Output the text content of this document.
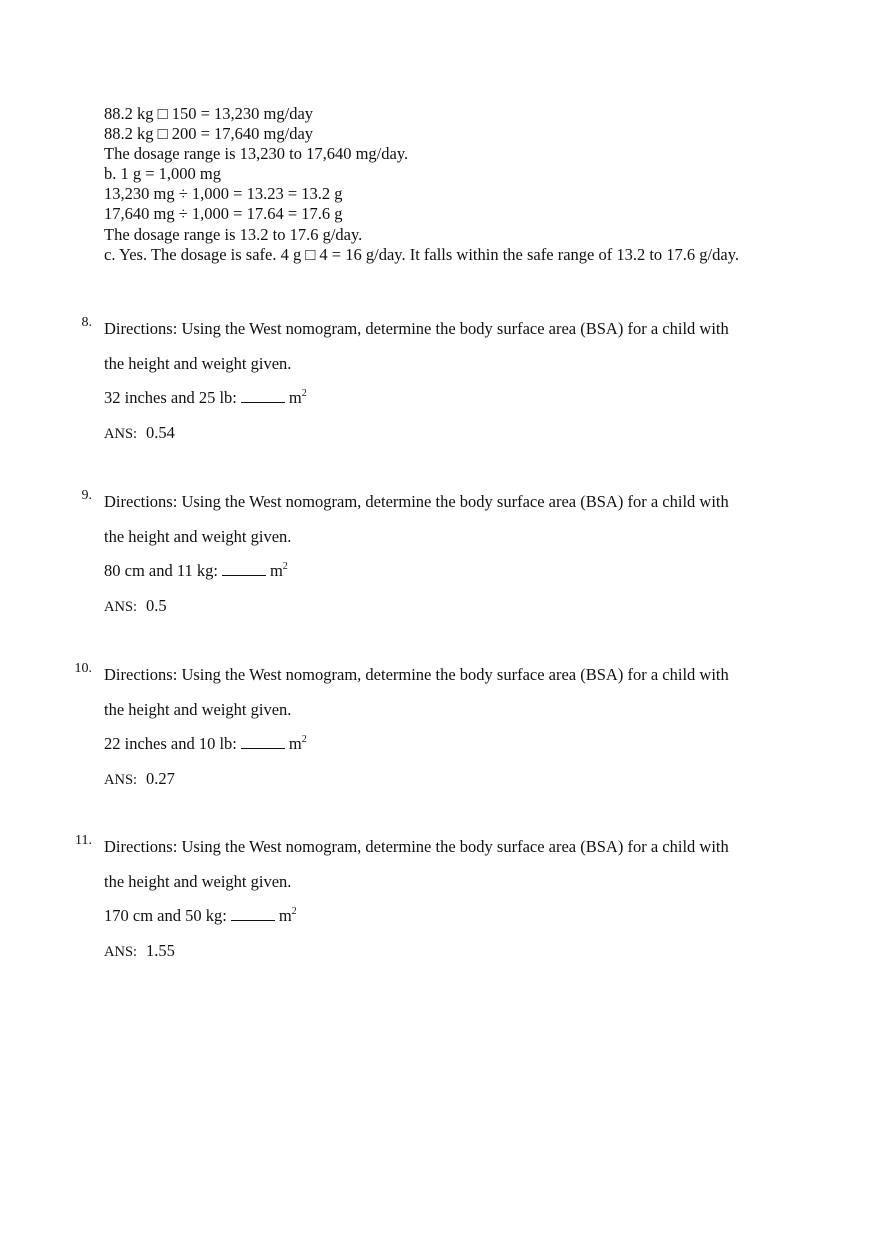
88.2 kg □ 150 = 13,230 mg/day
88.2 kg □ 200 = 17,640 mg/day
The dosage range is 13,230 to 17,640 mg/day.
b. 1 g = 1,000 mg
13,230 mg ÷ 1,000 = 13.23 = 13.2 g
17,640 mg ÷ 1,000 = 17.64 = 17.6 g
The dosage range is 13.2 to 17.6 g/day.
c. Yes. The dosage is safe. 4 g □ 4 = 16 g/day. It falls within the safe range of 13.2 to 17.6 g/day.
8. Directions: Using the West nomogram, determine the body surface area (BSA) for a child with
the height and weight given.
32 inches and 25 lb:	$m^2$
ANS: 0.54
9. Directions: Using the West nomogram, determine the body surface area (BSA) for a child with
the height and weight given.
80 cm and 11 kg:	$m^2$
ANS: 0.5
10. Directions: Using the West nomogram, determine the body surface area (BSA) for a child with
the height and weight given.
22 inches and 10 lb:	$m^2$
ANS: 0.27
11. Directions: Using the West nomogram, determine the body surface area (BSA) for a child with
the height and weight given.
170 cm and 50 kg:	$m^2$
ANS: 1.55
